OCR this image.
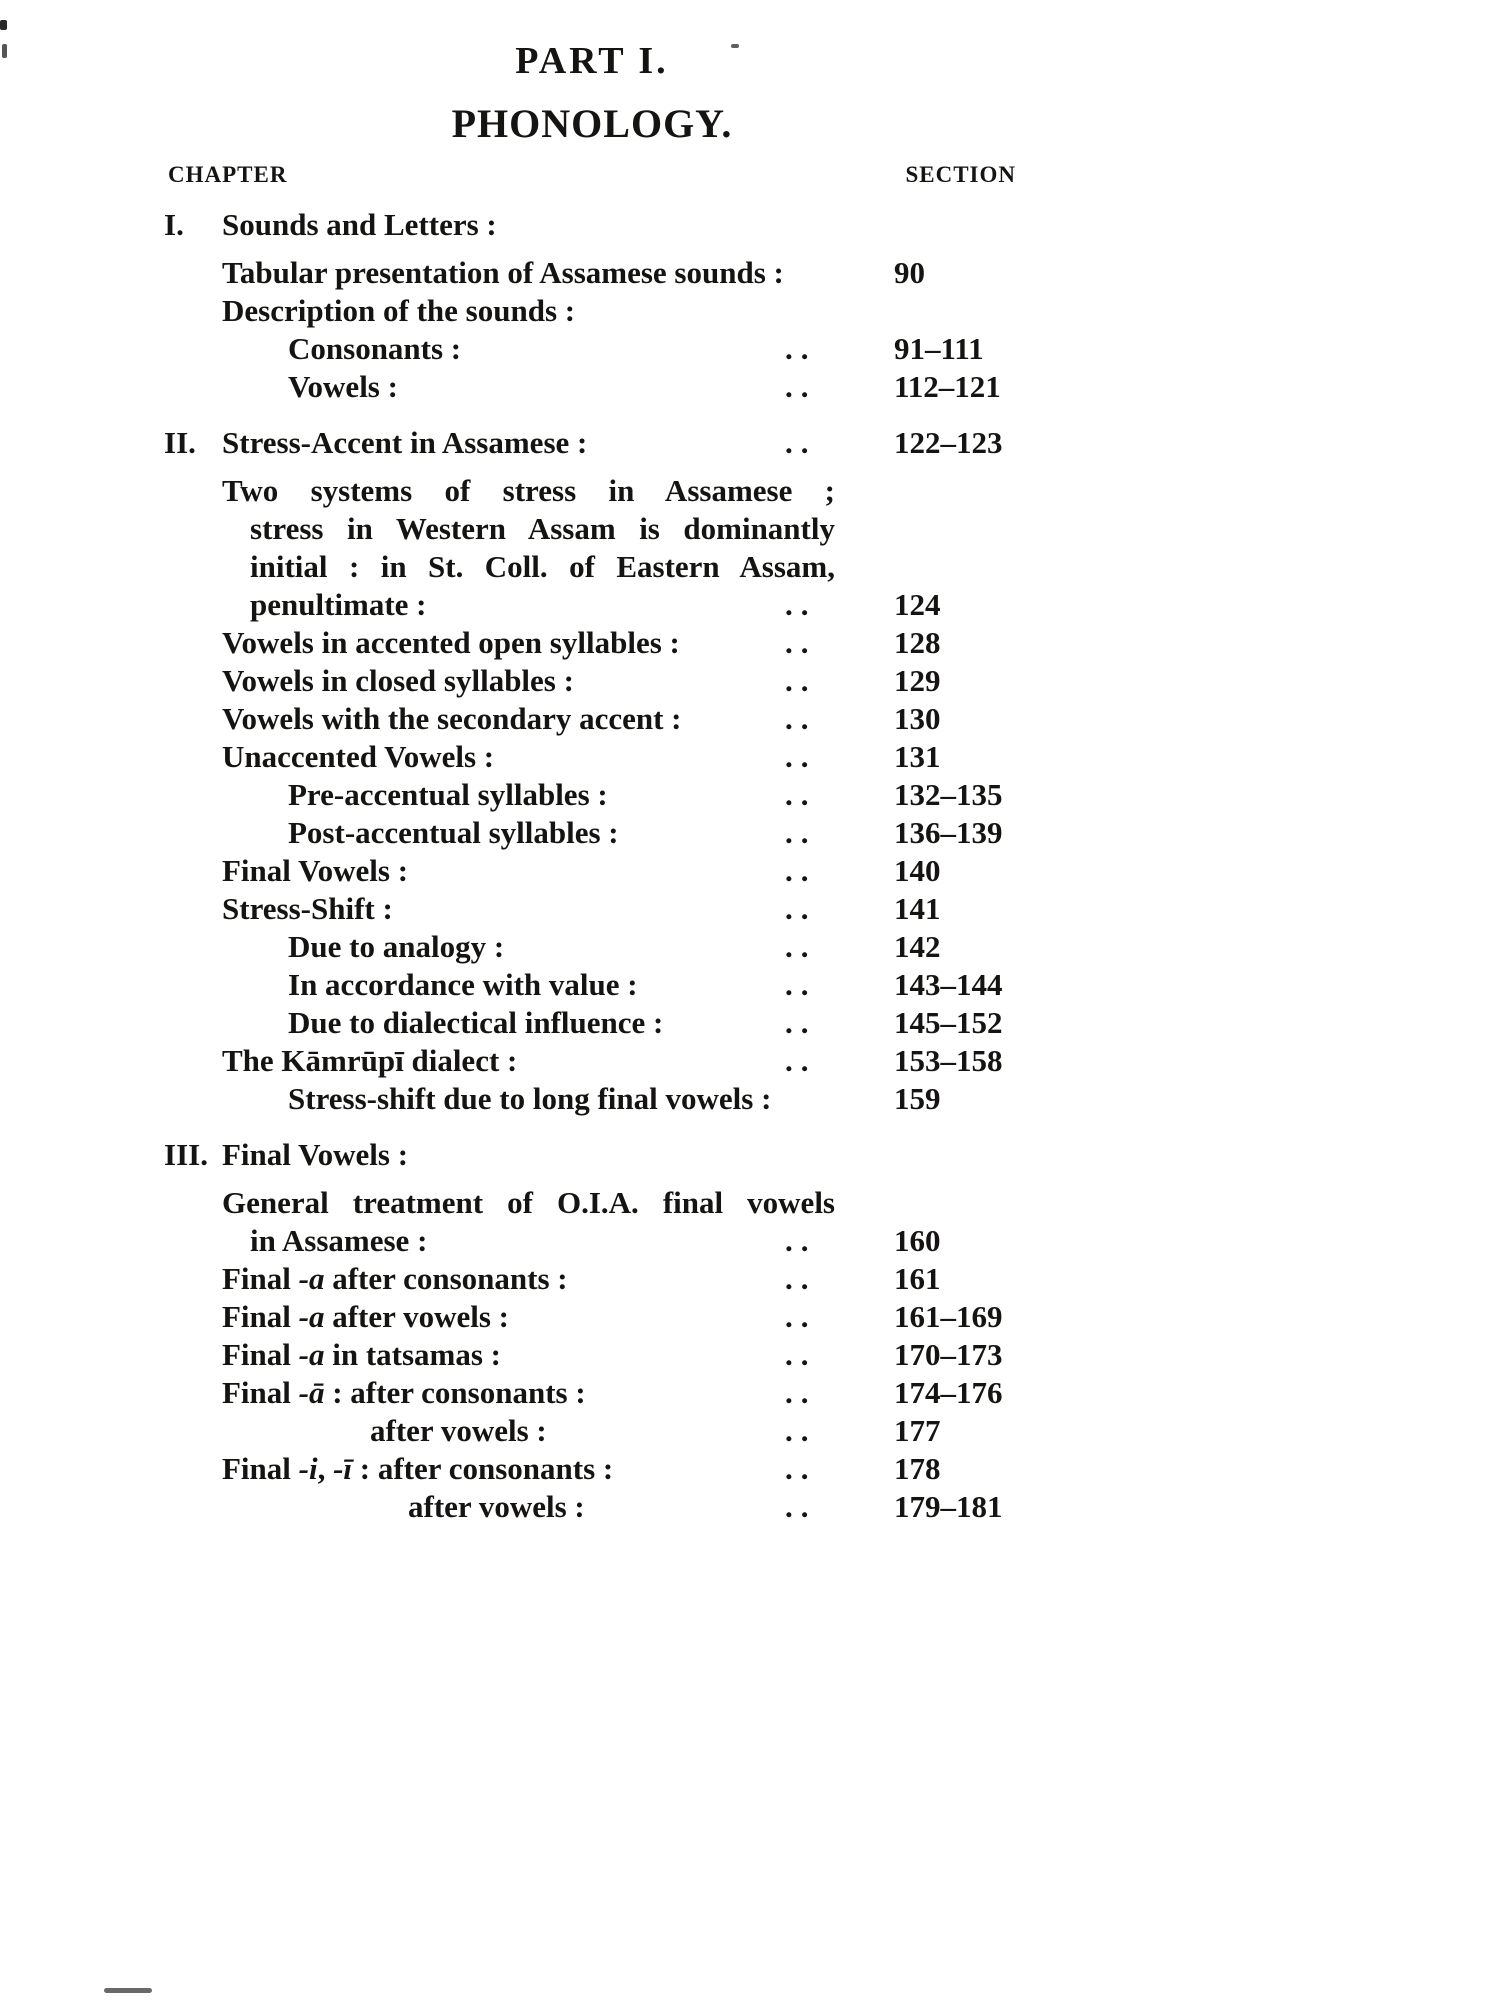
PART I.
PHONOLOGY.
CHAPTER	SECTION
I. Sounds and Letters :
Tabular presentation of Assamese sounds :	90
Description of the sounds :
Consonants :	..	91–111
Vowels :	..	112–121
II. Stress-Accent in Assamese :	..	122–123
Two systems of stress in Assamese ;
stress in Western Assam is dominantly
initial : in St. Coll. of Eastern Assam,
penultimate :	..	124
Vowels in accented open syllables :	..	128
Vowels in closed syllables :	..	129
Vowels with the secondary accent :	..	130
Unaccented Vowels :	..	131
Pre-accentual syllables :	..	132–135
Post-accentual syllables :	..	136–139
Final Vowels :	..	140
Stress-Shift :	..	141
Due to analogy :	..	142
In accordance with value :	..	143–144
Due to dialectical influence :	..	145–152
The Kāmrūpī dialect :	..	153–158
Stress-shift due to long final vowels :	159
III. Final Vowels :
General treatment of O.I.A. final vowels
in Assamese :	..	160
Final -a after consonants :	..	161
Final -a after vowels :	..	161–169
Final -a in tatsamas :	..	170–173
Final -ā : after consonants :	..	174–176
after vowels :	..	177
Final -i, -ī : after consonants :	..	178
after vowels :	..	179–181
